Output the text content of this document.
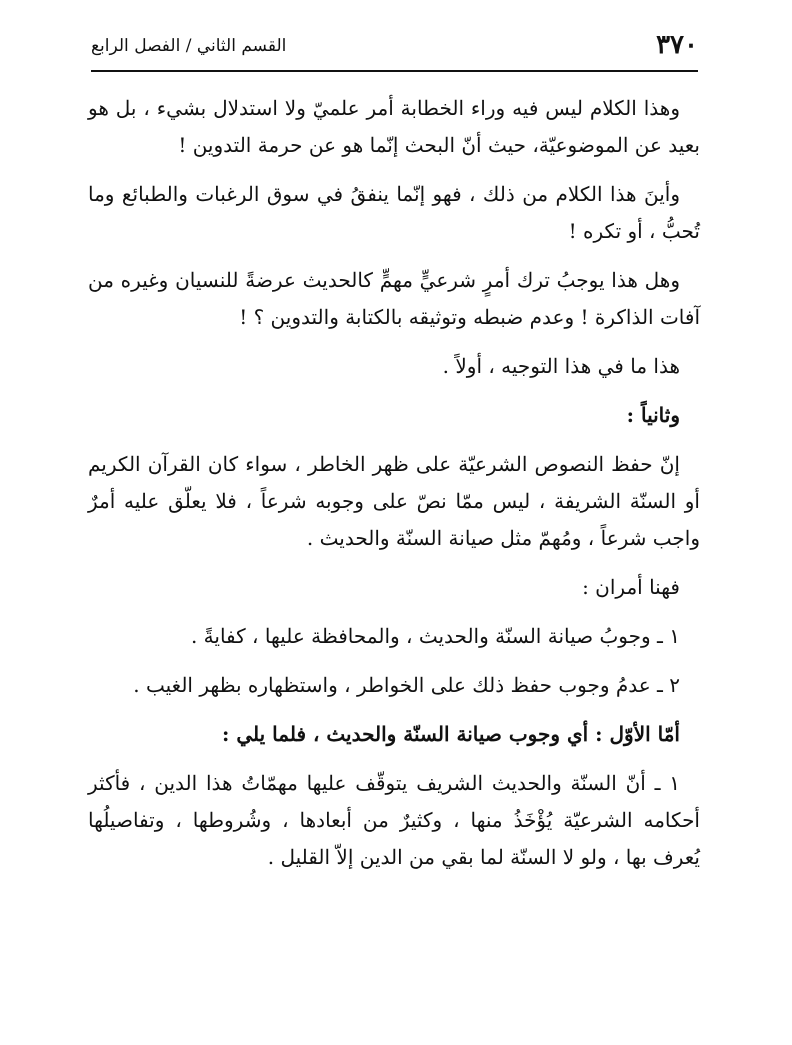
٣٧٠
القسم الثاني / الفصل الرابع

وهذا الكلام ليس فيه وراء الخطابة أمر علميّ ولا استدلال بشيء ، بل هو بعيد عن الموضوعيّة، حيث أنّ البحث إنّما هو عن حرمة التدوين !

وأينَ هذا الكلام من ذلك ، فهو إنّما ينفقُ في سوق الرغبات والطبائع وما تُحبُّ ، أو تكره !

وهل هذا يوجبُ ترك أمرٍ شرعيٍّ مهمٍّ كالحديث عرضةً للنسيان وغيره من آفات الذاكرة ! وعدم ضبطه وتوثيقه بالكتابة والتدوين ؟ !

هذا ما في هذا التوجيه ، أولاً .

وثانياً :

إنّ حفظ النصوص الشرعيّة على ظهر الخاطر ، سواء كان القرآن الكريم أو السنّة الشريفة ، ليس ممّا نصّ على وجوبه شرعاً ، فلا يعلّق عليه أمرٌ واجب شرعاً ، ومُهمّ مثل صيانة السنّة والحديث .

فهنا أمران :

١ ـ وجوبُ صيانة السنّة والحديث ، والمحافظة عليها ، كفايةً .

٢ ـ عدمُ وجوب حفظ ذلك على الخواطر ، واستظهاره بظهر الغيب .

أمّا الأوّل : أي وجوب صيانة السنّة والحديث ، فلما يلي :

١ ـ أنّ السنّة والحديث الشريف يتوقّف عليها مهمّاتُ هذا الدين ، فأكثر أحكامه الشرعيّة يُؤْخَذُ منها ، وكثيرٌ من أبعادها ، وشُروطها ، وتفاصيلُها يُعرف بها ، ولو لا السنّة لما بقي من الدين إلاّ القليل .
